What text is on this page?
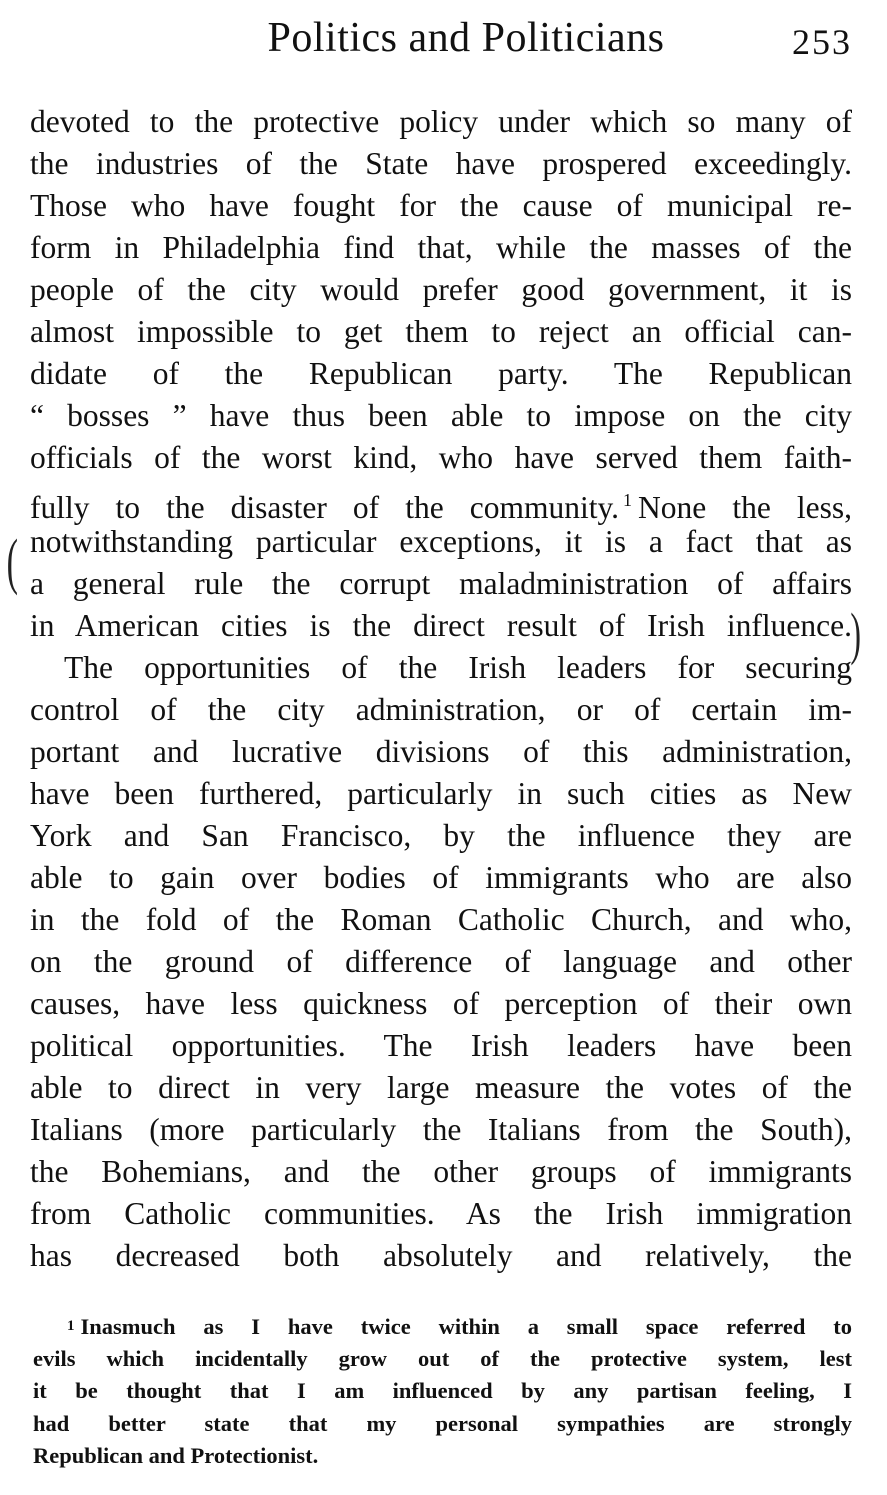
Politics and Politicians	253
(
)
devoted to the protective policy under which so many of
the industries of the State have prospered exceedingly.
Those who have fought for the cause of municipal re-
form in Philadelphia find that, while the masses of the
people of the city would prefer good government, it is
almost impossible to get them to reject an official can-
didate of the Republican party. The Republican
“ bosses ” have thus been able to impose on the city
officials of the worst kind, who have served them faith-
fully to the disaster of the community. $^1$ None the less,
notwithstanding particular exceptions, it is a fact that as
a general rule the corrupt maladministration of affairs
in American cities is the direct result of Irish influence.
The opportunities of the Irish leaders for securing
control of the city administration, or of certain im-
portant and lucrative divisions of this administration,
have been furthered, particularly in such cities as New
York and San Francisco, by the influence they are
able to gain over bodies of immigrants who are also
in the fold of the Roman Catholic Church, and who,
on the ground of difference of language and other
causes, have less quickness of perception of their own
political opportunities. The Irish leaders have been
able to direct in very large measure the votes of the
Italians (more particularly the Italians from the South),
the Bohemians, and the other groups of immigrants
from Catholic communities. As the Irish immigration
has decreased both absolutely and relatively, the
1 Inasmuch as I have twice within a small space referred to
evils which incidentally grow out of the protective system, lest
it be thought that I am influenced by any partisan feeling, I
had better state that my personal sympathies are strongly
Republican and Protectionist.
